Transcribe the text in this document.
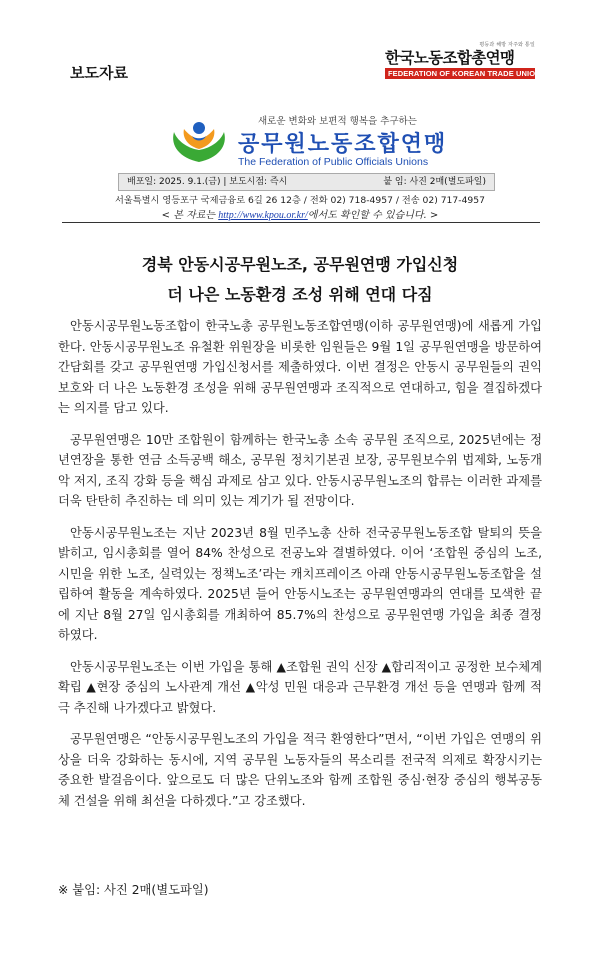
보도자료
평등과 해방 자주와 통일
한국노동조합총연맹
FEDERATION OF KOREAN TRADE UNIONS
새로운 변화와 보편적 행복을 추구하는
공무원노동조합연맹
The Federation of Public Officials Unions
배포일: 2025. 9.1.(금) | 보도시점: 즉시	붙 임: 사진 2매(별도파일)
서울특별시 영등포구 국제금융로 6길 26 12층 / 전화 02) 718-4957 / 전송 02) 717-4957
< 본 자료는 http://www.kpou.or.kr/에서도 확인할 수 있습니다. >
경북 안동시공무원노조, 공무원연맹 가입신청
더 나은 노동환경 조성 위해 연대 다짐

안동시공무원노동조합이 한국노총 공무원노동조합연맹(이하 공무원연맹)에 새롭게 가입한다. 안동시공무원노조 유철환 위원장을 비롯한 임원들은 9월 1일 공무원연맹을 방문하여 간담회를 갖고 공무원연맹 가입신청서를 제출하였다. 이번 결정은 안동시 공무원들의 권익 보호와 더 나은 노동환경 조성을 위해 공무원연맹과 조직적으로 연대하고, 힘을 결집하겠다는 의지를 담고 있다.

공무원연맹은 10만 조합원이 함께하는 한국노총 소속 공무원 조직으로, 2025년에는 정년연장을 통한 연금 소득공백 해소, 공무원 정치기본권 보장, 공무원보수위 법제화, 노동개악 저지, 조직 강화 등을 핵심 과제로 삼고 있다. 안동시공무원노조의 합류는 이러한 과제를 더욱 탄탄히 추진하는 데 의미 있는 계기가 될 전망이다.

안동시공무원노조는 지난 2023년 8월 민주노총 산하 전국공무원노동조합 탈퇴의 뜻을 밝히고, 임시총회를 열어 84% 찬성으로 전공노와 결별하였다. 이어 ‘조합원 중심의 노조, 시민을 위한 노조, 실력있는 정책노조’라는 캐치프레이즈 아래 안동시공무원노동조합을 설립하여 활동을 계속하였다. 2025년 들어 안동시노조는 공무원연맹과의 연대를 모색한 끝에 지난 8월 27일 임시총회를 개최하여 85.7%의 찬성으로 공무원연맹 가입을 최종 결정하였다.

안동시공무원노조는 이번 가입을 통해 ▲조합원 권익 신장 ▲합리적이고 공정한 보수체계 확립 ▲현장 중심의 노사관계 개선 ▲악성 민원 대응과 근무환경 개선 등을 연맹과 함께 적극 추진해 나가겠다고 밝혔다.

공무원연맹은 “안동시공무원노조의 가입을 적극 환영한다”면서, “이번 가입은 연맹의 위상을 더욱 강화하는 동시에, 지역 공무원 노동자들의 목소리를 전국적 의제로 확장시키는 중요한 발걸음이다. 앞으로도 더 많은 단위노조와 함께 조합원 중심·현장 중심의 행복공동체 건설을 위해 최선을 다하겠다.”고 강조했다.

※ 붙임: 사진 2매(별도파일)
